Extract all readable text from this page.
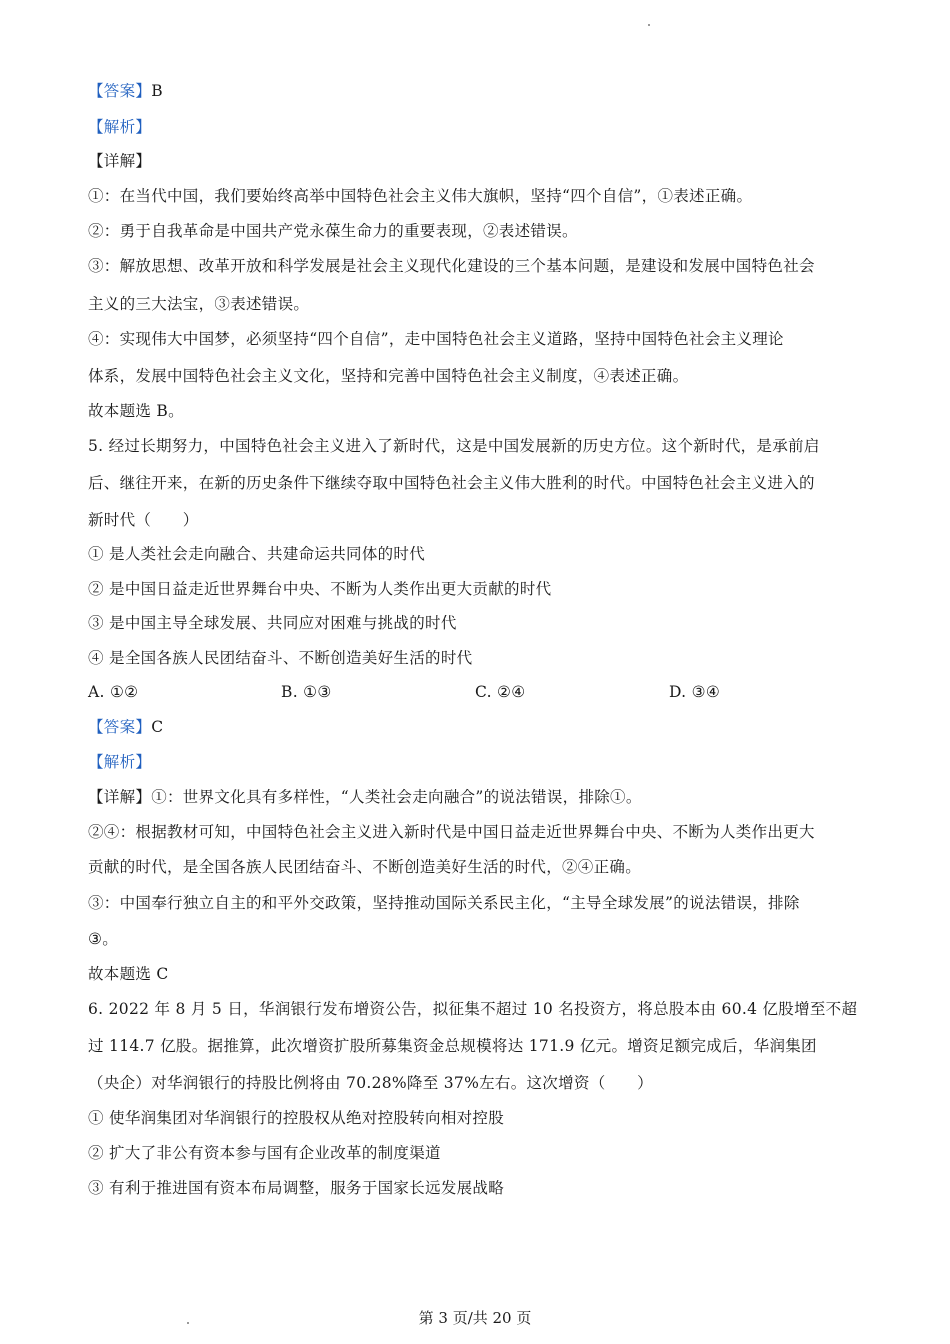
【答案】B
【解析】
【详解】
①：在当代中国，我们要始终高举中国特色社会主义伟大旗帜，坚持“四个自信”，①表述正确。
②：勇于自我革命是中国共产党永葆生命力的重要表现，②表述错误。
③：解放思想、改革开放和科学发展是社会主义现代化建设的三个基本问题，是建设和发展中国特色社会
主义的三大法宝，③表述错误。
④：实现伟大中国梦，必须坚持“四个自信”，走中国特色社会主义道路，坚持中国特色社会主义理论
体系，发展中国特色社会主义文化，坚持和完善中国特色社会主义制度，④表述正确。
故本题选 B。
5. 经过长期努力，中国特色社会主义进入了新时代，这是中国发展新的历史方位。这个新时代，是承前启
后、继往开来，在新的历史条件下继续夺取中国特色社会主义伟大胜利的时代。中国特色社会主义进入的
新时代（　　）
① 是人类社会走向融合、共建命运共同体的时代
② 是中国日益走近世界舞台中央、不断为人类作出更大贡献的时代
③ 是中国主导全球发展、共同应对困难与挑战的时代
④ 是全国各族人民团结奋斗、不断创造美好生活的时代
A. ①②	B. ①③	C. ②④	D. ③④
【答案】C
【解析】
【详解】①：世界文化具有多样性，“人类社会走向融合”的说法错误，排除①。
②④：根据教材可知，中国特色社会主义进入新时代是中国日益走近世界舞台中央、不断为人类作出更大
贡献的时代，是全国各族人民团结奋斗、不断创造美好生活的时代，②④正确。
③：中国奉行独立自主的和平外交政策，坚持推动国际关系民主化，“主导全球发展”的说法错误，排除
③。
故本题选 C
6. 2022 年 8 月 5 日，华润银行发布增资公告，拟征集不超过 10 名投资方，将总股本由 60.4 亿股增至不超
过 114.7 亿股。据推算，此次增资扩股所募集资金总规模将达 171.9 亿元。增资足额完成后，华润集团
（央企）对华润银行的持股比例将由 70.28%降至 37%左右。这次增资（　　）
① 使华润集团对华润银行的控股权从绝对控股转向相对控股
② 扩大了非公有资本参与国有企业改革的制度渠道
③ 有利于推进国有资本布局调整，服务于国家长远发展战略
第 3 页/共 20 页
